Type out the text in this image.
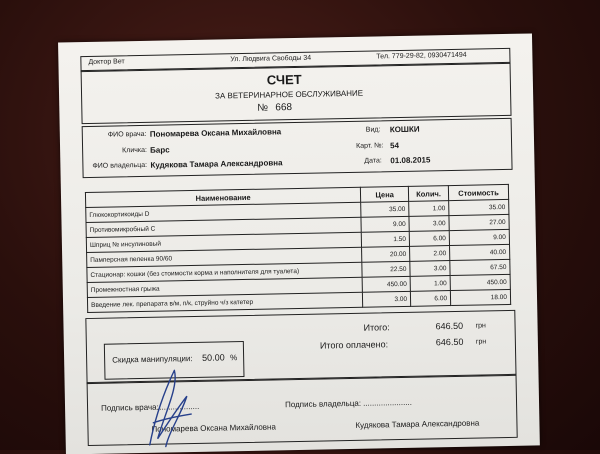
Доктор Вет	Ул. Людвига Свободы 34	Тел. 779-29-82, 0930471494
СЧЕТ
ЗА ВЕТЕРИНАРНОЕ ОБСЛУЖИВАНИЕ
№ 668
ФИО врача: Пономарева Оксана Михайловна
Кличка: Барс
ФИО владельца: Кудякова Тамара Александровна
Вид: КОШКИ
Карт. №: 54
Дата: 01.08.2015
Наименование	Цена	Колич.	Стоимость
Глюкокортикоиды D	35.00	1.00	35.00
Противомикробный С	9.00	3.00	27.00
Шприц № инсулиновый	1.50	6.00	9.00
Памперсная пеленка 90/60	20.00	2.00	40.00
Стационар: кошки (без стоимости корма и наполнителя для туалета)	22.50	3.00	67.50
Промежностная грыжа	450.00	1.00	450.00
Введение лек. препарата в/м, п/к, струйно ч/з катетер	3.00	6.00	18.00
Итого:	646.50 грн
Итого оплачено:	646.50 грн
Скидка манипуляции: 50.00 %
Подпись врача:
...................	Подпись владельца: ......................
Пономарева Оксана Михайловна	Кудякова Тамара Александровна
